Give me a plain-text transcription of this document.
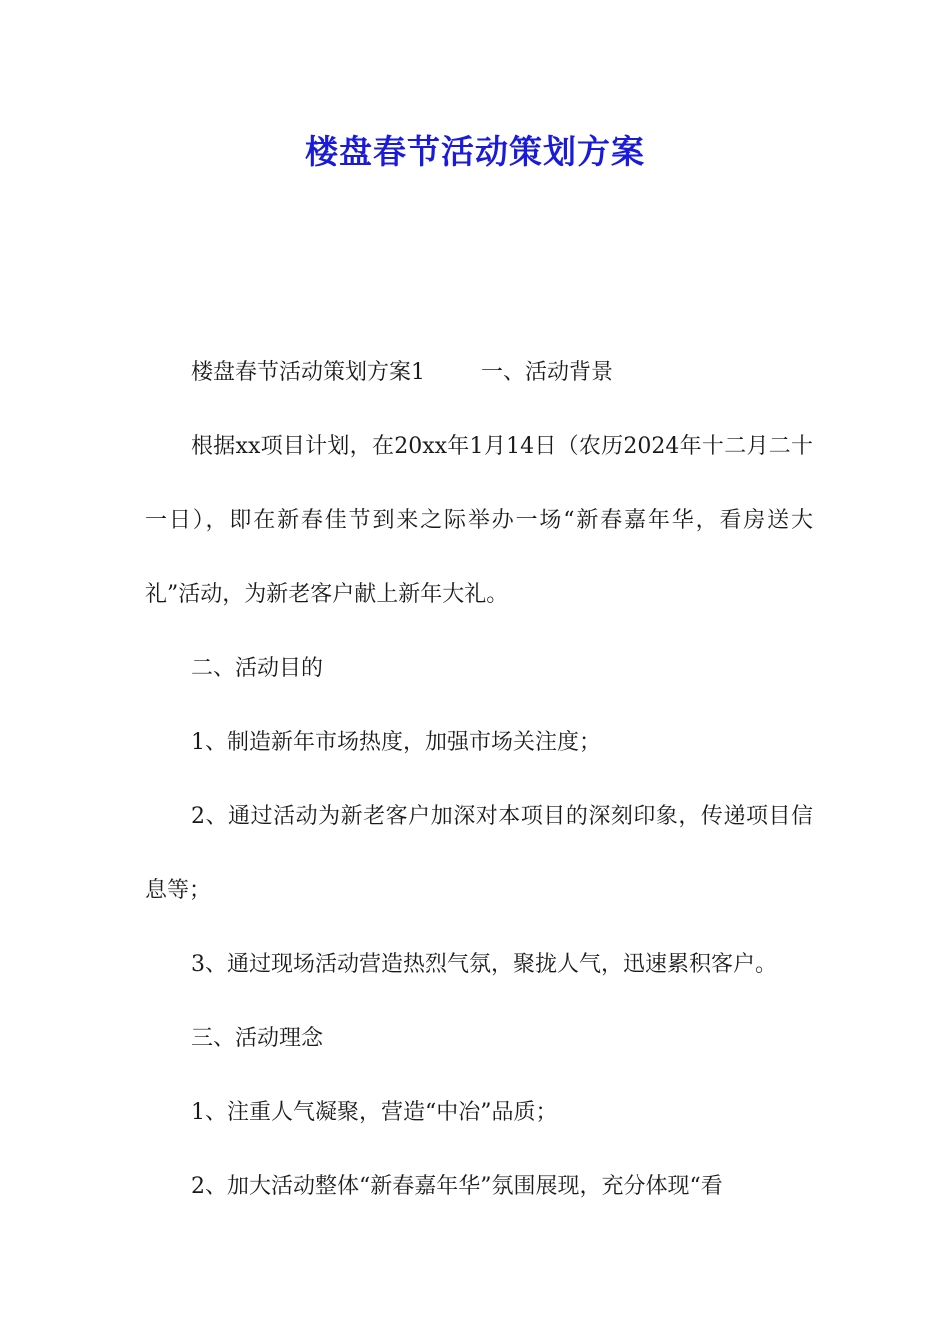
楼盘春节活动策划方案

楼盘春节活动策划方案1	一、活动背景

根据xx项目计划，在20xx年1月14日（农历2024年十二月二十一日），即在新春佳节到来之际举办一场“新春嘉年华，看房送大礼”活动，为新老客户献上新年大礼。

二、活动目的

1、制造新年市场热度，加强市场关注度；

2、通过活动为新老客户加深对本项目的深刻印象，传递项目信息等；

3、通过现场活动营造热烈气氛，聚拢人气，迅速累积客户。

三、活动理念

1、注重人气凝聚，营造“中冶”品质；

2、加大活动整体“新春嘉年华”氛围展现，充分体现“看
